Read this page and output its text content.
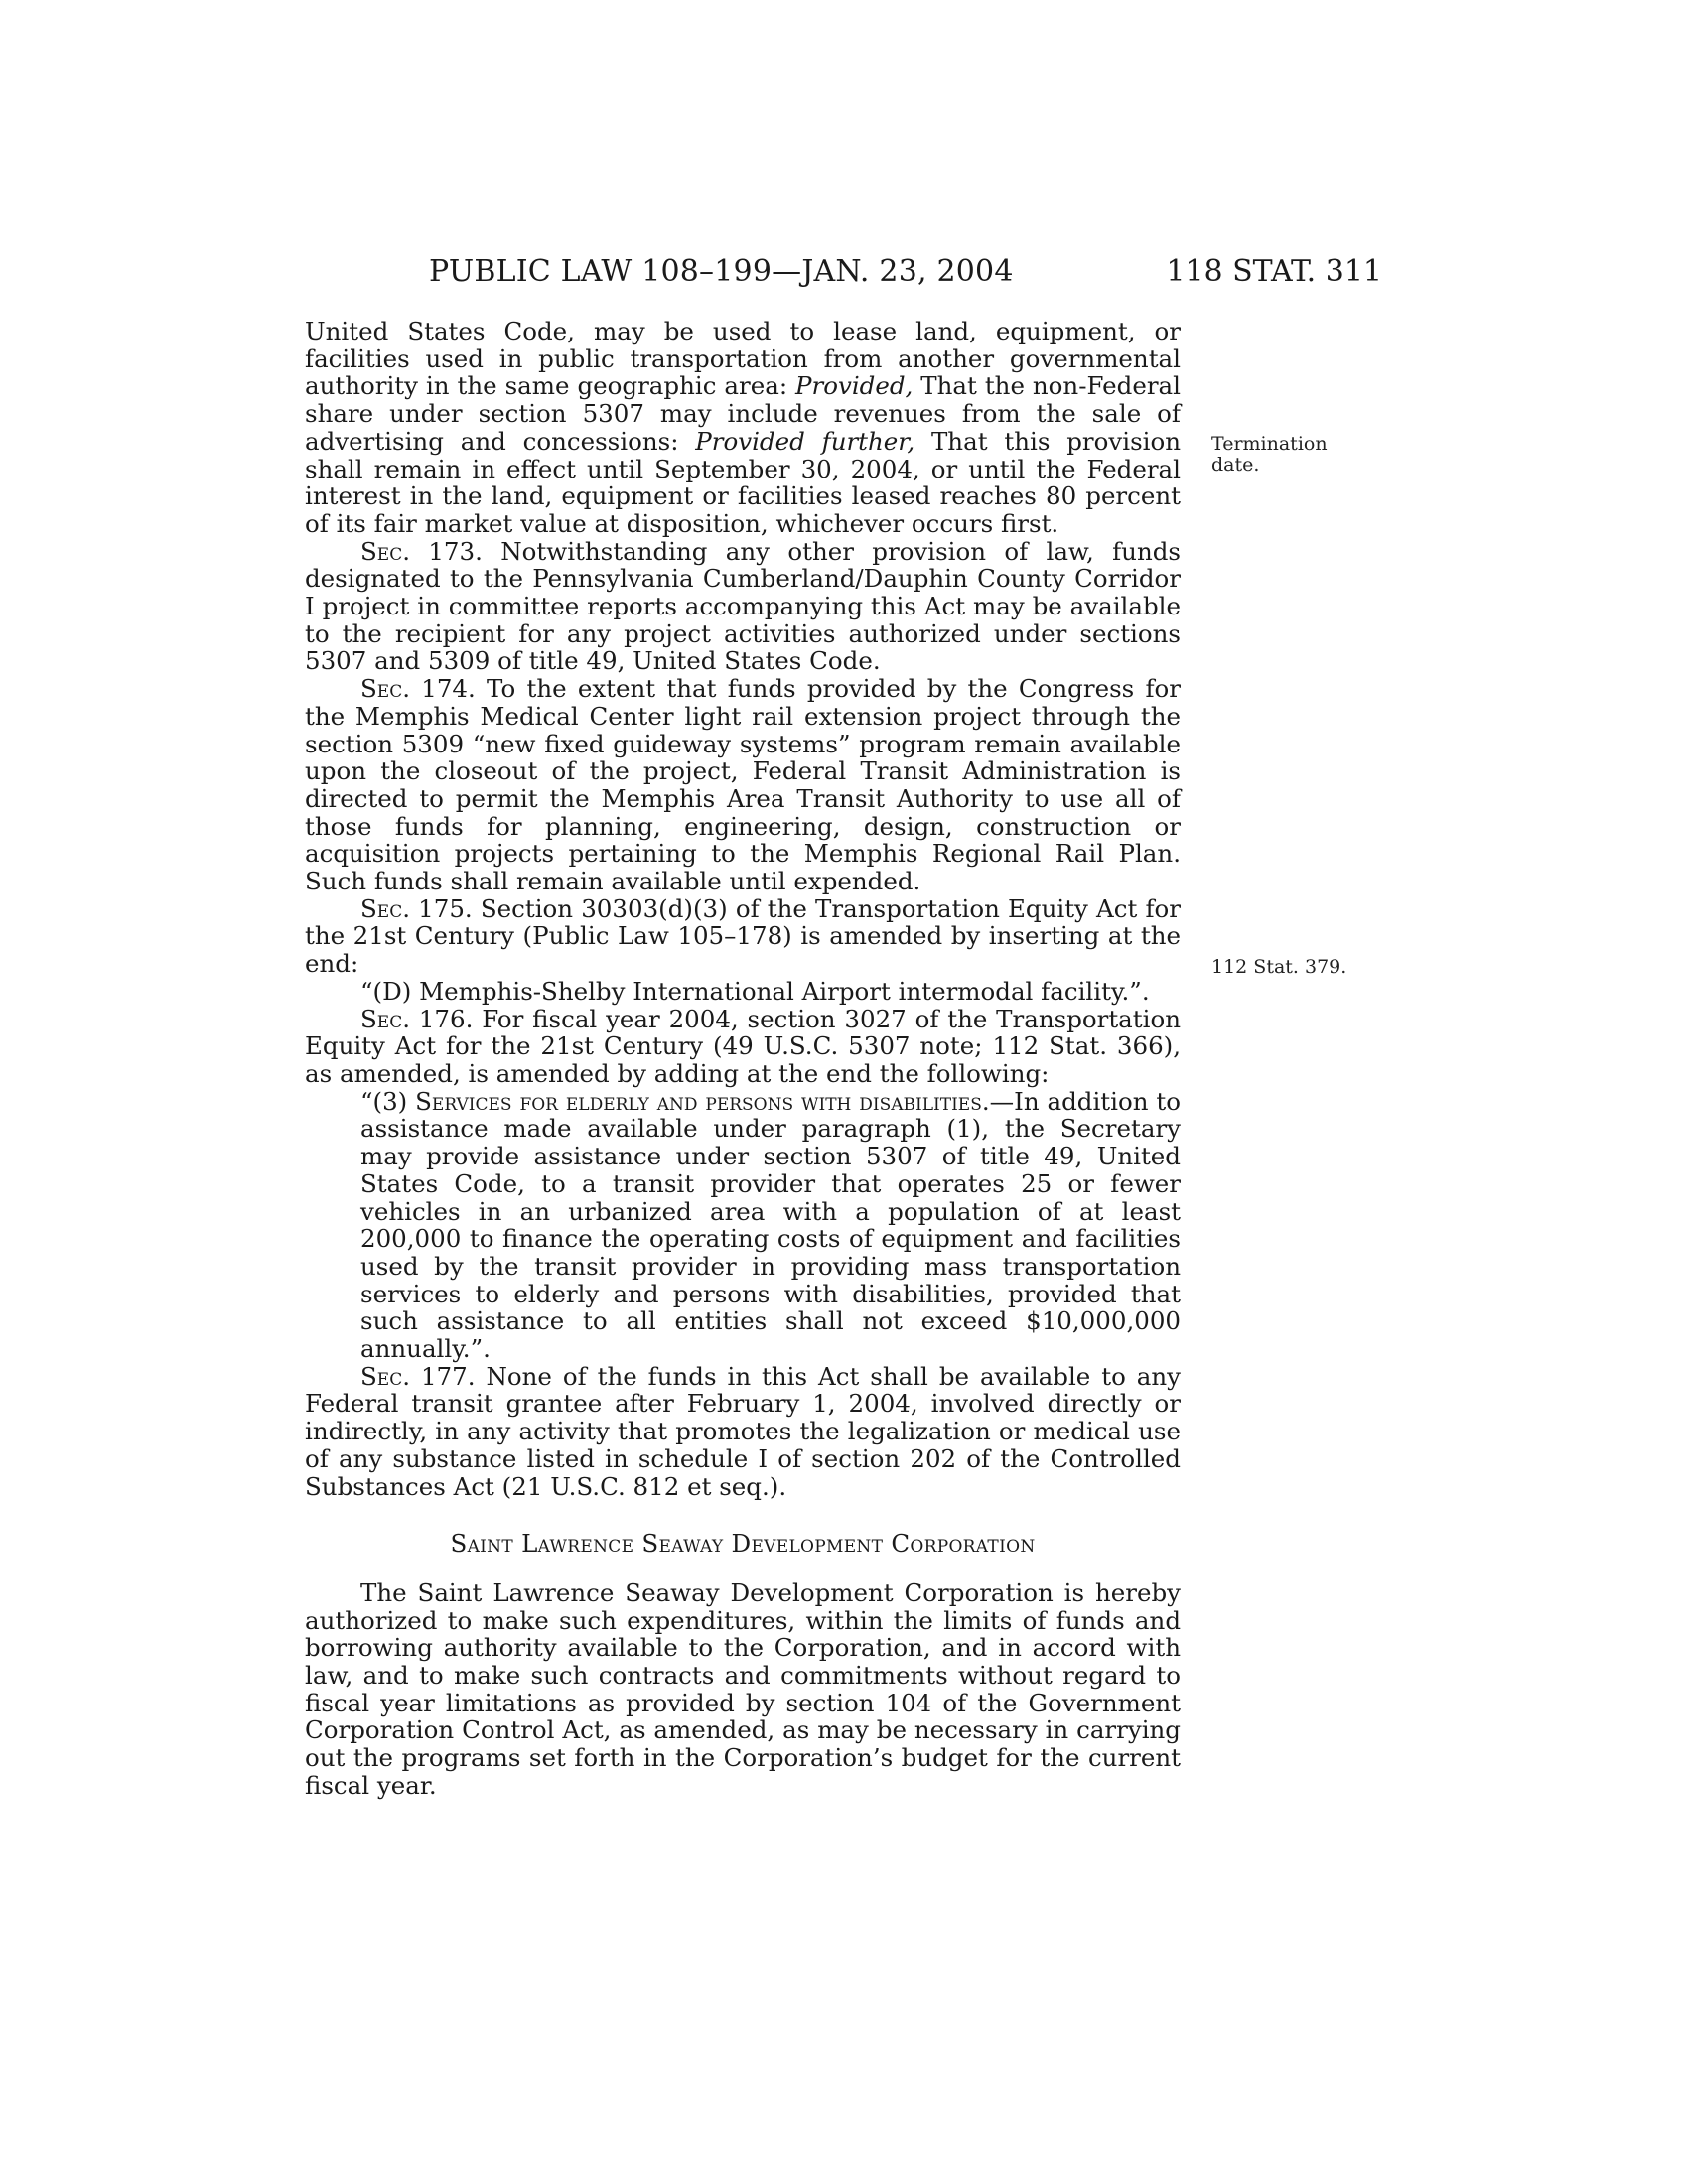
PUBLIC LAW 108–199—JAN. 23, 2004	118 STAT. 311
Termination
date.
112 Stat. 379.

United States Code, may be used to lease land, equipment, or facilities used in public transportation from another governmental authority in the same geographic area: Provided, That the non-Federal share under section 5307 may include revenues from the sale of advertising and concessions: Provided further, That this provision shall remain in effect until September 30, 2004, or until the Federal interest in the land, equipment or facilities leased reaches 80 percent of its fair market value at disposition, whichever occurs first.

Sec. 173. Notwithstanding any other provision of law, funds designated to the Pennsylvania Cumberland/Dauphin County Corridor I project in committee reports accompanying this Act may be available to the recipient for any project activities authorized under sections 5307 and 5309 of title 49, United States Code.

Sec. 174. To the extent that funds provided by the Congress for the Memphis Medical Center light rail extension project through the section 5309 “new fixed guideway systems” program remain available upon the closeout of the project, Federal Transit Administration is directed to permit the Memphis Area Transit Authority to use all of those funds for planning, engineering, design, construction or acquisition projects pertaining to the Memphis Regional Rail Plan. Such funds shall remain available until expended.

Sec. 175. Section 30303(d)(3) of the Transportation Equity Act for the 21st Century (Public Law 105–178) is amended by inserting at the end:

“(D) Memphis-Shelby International Airport intermodal facility.”.

Sec. 176. For fiscal year 2004, section 3027 of the Transportation Equity Act for the 21st Century (49 U.S.C. 5307 note; 112 Stat. 366), as amended, is amended by adding at the end the following:

“(3) Services for elderly and persons with disabilities.—In addition to assistance made available under paragraph (1), the Secretary may provide assistance under section 5307 of title 49, United States Code, to a transit provider that operates 25 or fewer vehicles in an urbanized area with a population of at least 200,000 to finance the operating costs of equipment and facilities used by the transit provider in providing mass transportation services to elderly and persons with disabilities, provided that such assistance to all entities shall not exceed $10,000,000 annually.”.

Sec. 177. None of the funds in this Act shall be available to any Federal transit grantee after February 1, 2004, involved directly or indirectly, in any activity that promotes the legalization or medical use of any substance listed in schedule I of section 202 of the Controlled Substances Act (21 U.S.C. 812 et seq.).

Saint Lawrence Seaway Development Corporation

The Saint Lawrence Seaway Development Corporation is hereby authorized to make such expenditures, within the limits of funds and borrowing authority available to the Corporation, and in accord with law, and to make such contracts and commitments without regard to fiscal year limitations as provided by section 104 of the Government Corporation Control Act, as amended, as may be necessary in carrying out the programs set forth in the Corporation’s budget for the current fiscal year.
